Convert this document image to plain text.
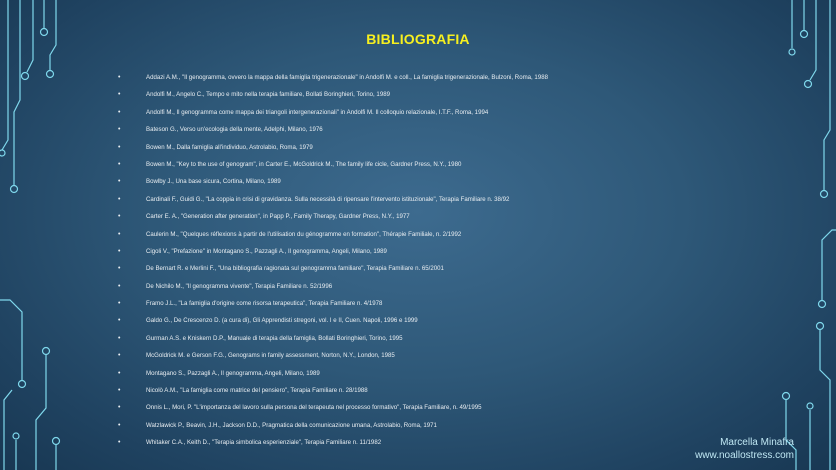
BIBLIOGRAFIA
•	Addazi A.M., "Il genogramma, ovvero la mappa della famiglia trigenerazionale" in Andolfi M. e coll., La famiglia trigenerazionale, Bulzoni, Roma, 1988
•	Andolfi M., Angelo C., Tempo e mito nella terapia familiare, Bollati Boringhieri, Torino, 1989
•	Andolfi M., Il genogramma come mappa dei triangoli intergenerazionali" in Andolfi M. Il colloquio relazionale, I.T.F., Roma, 1994
•	Bateson G., Verso un'ecologia della mente, Adelphi, Milano, 1976
•	Bowen M., Dalla famiglia all'individuo, Astrolabio, Roma, 1979
•	Bowen M., "Key to the use of genogram", in Carter E., McGoldrick M., The family life cicle, Gardner Press, N.Y., 1980
•	Bowlby J., Una base sicura, Cortina, Milano, 1989
•	Cardinali F., Guidi G., "La coppia in crisi di gravidanza. Sulla necessità di ripensare l'intervento istituzionale", Terapia Familiare n. 38/92
•	Carter E. A., "Generation after generation", in Papp P., Family Therapy, Gardner Press, N.Y., 1977
•	Caulerin M., "Quelques réflexions à partir de l'utilisation du génogramme en formation", Thérapie Familiale, n. 2/1992
•	Cigoli V., "Prefazione" in Montagano S., Pazzagli A., Il genogramma, Angeli, Milano, 1989
•	De Bernart R. e Merlini F., "Una bibliografia ragionata sul genogramma familiare", Terapia Familiare n. 65/2001
•	De Nichilo M., "Il genogramma vivente", Terapia Familiare n. 52/1996
•	Framo J.L., "La famiglia d'origine come risorsa terapeutica", Terapia Familiare n. 4/1978
•	Galdo G., De Crescenzo D. (a cura di), Gli Apprendisti stregoni, vol. I e II, Cuen. Napoli, 1996 e 1999
•	Gurman A.S. e Kniskern D.P., Manuale di terapia della famiglia, Bollati Boringhieri, Torino, 1995
•	McGoldrick M. e Gerson F.G., Genograms in family assessment, Norton, N.Y., London, 1985
•	Montagano S., Pazzagli A., Il genogramma, Angeli, Milano, 1989
•	Nicolò A.M., "La famiglia come matrice del pensiero", Terapia Familiare n. 28/1988
•	Onnis L., Mori, P. "L'importanza del lavoro sulla persona del terapeuta nel processo formativo", Terapia Familiare, n. 49/1995
•	Watzlawick P., Beavin, J.H., Jackson D.D., Pragmatica della comunicazione umana, Astrolabio, Roma, 1971
•	Whitaker C.A., Keith D., "Terapia simbolica esperienziale", Terapia Familiare n. 11/1982	Marcella Minafra
www.noallostress.com
